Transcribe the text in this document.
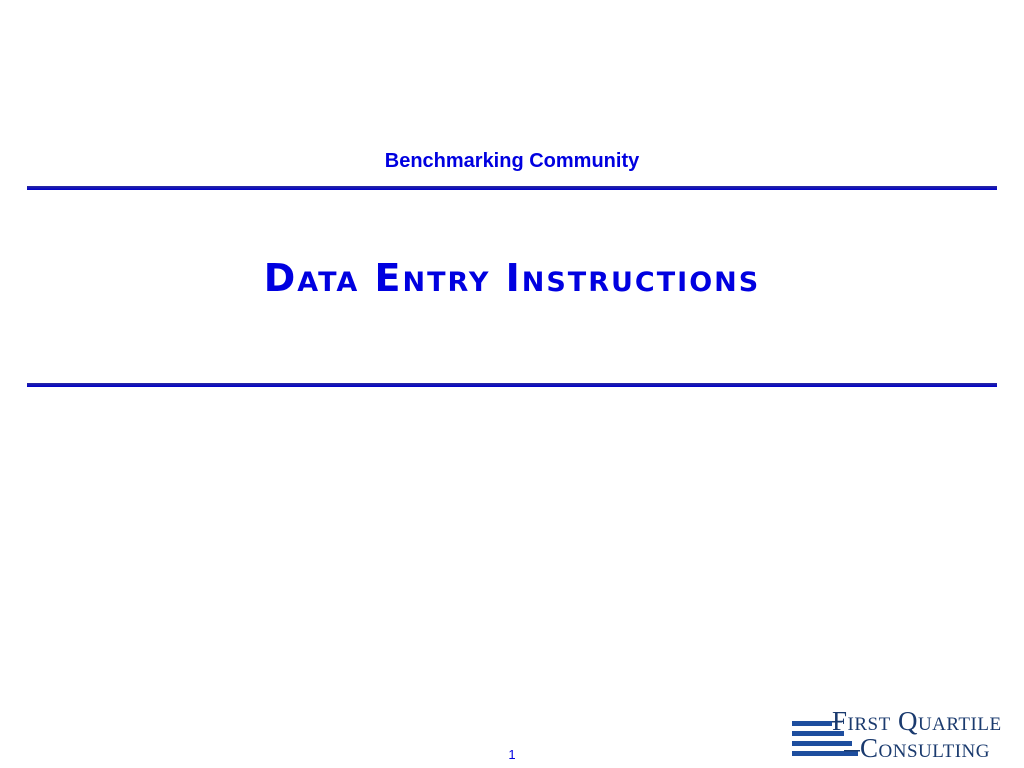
Benchmarking Community
Data Entry Instructions
1
First Quartile
Consulting
